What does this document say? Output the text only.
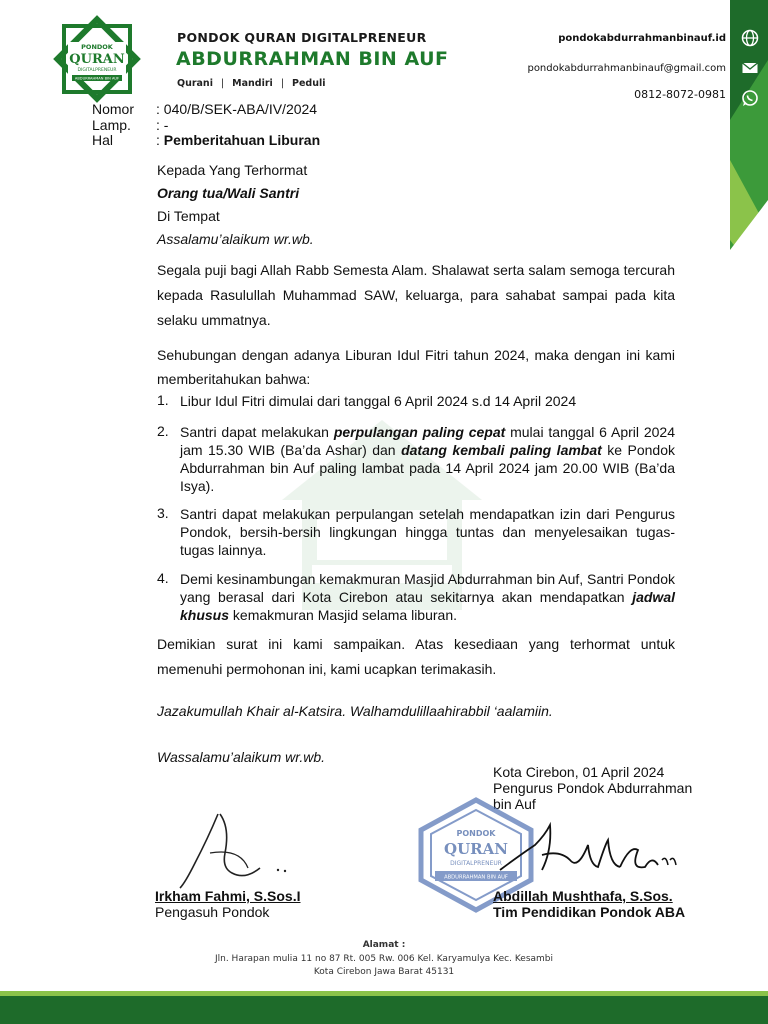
pondokabdurrahmanbinauf.id
pondokabdurrahmanbinauf@gmail.com
0812-8072-0981
PONDOK
QURAN
DIGITALPRENEUR
ABDURRAHMAN BIN AUF
PONDOK QURAN DIGITALPRENEUR
ABDURRAHMAN BIN AUF
Qurani | Mandiri | Peduli
Nomor : 040/B/SEK-ABA/IV/2024
Lamp. : -
Hal	: Pemberitahuan Liburan
Kepada Yang Terhormat
Orang tua/Wali Santri
Di Tempat
Assalamu’alaikum wr.wb.
Segala puji bagi Allah Rabb Semesta Alam. Shalawat serta salam semoga tercurah kepada Rasulullah Muhammad SAW, keluarga, para sahabat sampai pada kita selaku ummatnya.
Sehubungan dengan adanya Liburan Idul Fitri tahun 2024, maka dengan ini kami memberitahukan bahwa:
1. Libur Idul Fitri dimulai dari tanggal 6 April 2024 s.d 14 April 2024
2. Santri dapat melakukan perpulangan paling cepat mulai tanggal 6 April 2024 jam 15.30 WIB (Ba’da Ashar) dan datang kembali paling lambat ke Pondok Abdurrahman bin Auf paling lambat pada 14 April 2024 jam 20.00 WIB (Ba’da Isya).
3. Santri dapat melakukan perpulangan setelah mendapatkan izin dari Pengurus Pondok, bersih-bersih lingkungan hingga tuntas dan menyelesaikan tugas-tugas lainnya.
4. Demi kesinambungan kemakmuran Masjid Abdurrahman bin Auf, Santri Pondok yang berasal dari Kota Cirebon atau sekitarnya akan mendapatkan jadwal khusus kemakmuran Masjid selama liburan.
Demikian surat ini kami sampaikan. Atas kesediaan yang terhormat untuk memenuhi permohonan ini, kami ucapkan terimakasih.
Jazakumullah Khair al-Katsira. Walhamdulillaahirabbil ‘aalamiin.
Wassalamu’alaikum wr.wb.
Kota Cirebon, 01 April 2024
Pengurus Pondok Abdurrahman
bin Auf
PONDOK
QURAN
DIGITALPRENEUR
ABDURRAHMAN BIN AUF
Irkham Fahmi, S.Sos.I
Pengasuh Pondok
Abdillah Mushthafa, S.Sos.
Tim Pendidikan Pondok ABA
Alamat :
Jln. Harapan mulia 11 no 87 Rt. 005 Rw. 006 Kel. Karyamulya Kec. Kesambi
Kota Cirebon Jawa Barat 45131
